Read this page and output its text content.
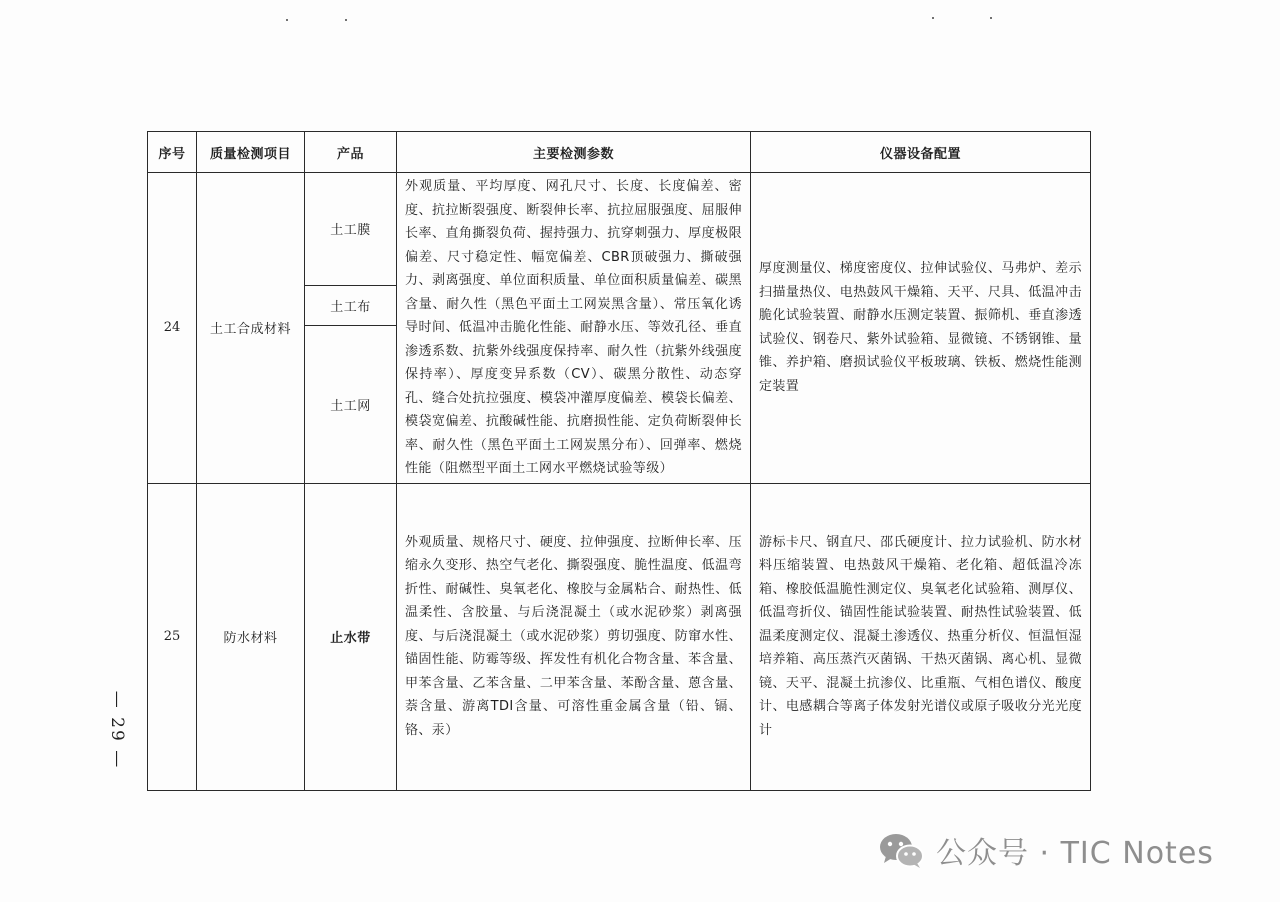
序号	质量检测项目	产品	主要检测参数	仪器设备配置
24	土工合成材料	土工膜	外观质量、平均厚度、网孔尺寸、长度、长度偏差、密度、抗拉断裂强度、断裂伸长率、抗拉屈服强度、屈服伸长率、直角撕裂负荷、握持强力、抗穿刺强力、厚度极限偏差、尺寸稳定性、幅宽偏差、CBR顶破强力、撕破强力、剥离强度、单位面积质量、单位面积质量偏差、碳黑含量、耐久性（黑色平面土工网炭黑含量）、常压氧化诱导时间、低温冲击脆化性能、耐静水压、等效孔径、垂直渗透系数、抗紫外线强度保持率、耐久性（抗紫外线强度保持率）、厚度变异系数（CV）、碳黑分散性、动态穿孔、缝合处抗拉强度、模袋冲灌厚度偏差、模袋长偏差、模袋宽偏差、抗酸碱性能、抗磨损性能、定负荷断裂伸长率、耐久性（黑色平面土工网炭黑分布）、回弹率、燃烧性能（阻燃型平面土工网水平燃烧试验等级）	厚度测量仪、梯度密度仪、拉伸试验仪、马弗炉、差示扫描量热仪、电热鼓风干燥箱、天平、尺具、低温冲击脆化试验装置、耐静水压测定装置、振筛机、垂直渗透试验仪、钢卷尺、紫外试验箱、显微镜、不锈钢锥、量锥、养护箱、磨损试验仪平板玻璃、铁板、燃烧性能测定装置
		土工布		
		土工网		
25	防水材料	止水带	外观质量、规格尺寸、硬度、拉伸强度、拉断伸长率、压缩永久变形、热空气老化、撕裂强度、脆性温度、低温弯折性、耐碱性、臭氧老化、橡胶与金属粘合、耐热性、低温柔性、含胶量、与后浇混凝土（或水泥砂浆）剥离强度、与后浇混凝土（或水泥砂浆）剪切强度、防窜水性、锚固性能、防霉等级、挥发性有机化合物含量、苯含量、甲苯含量、乙苯含量、二甲苯含量、苯酚含量、蒽含量、萘含量、游离TDI含量、可溶性重金属含量（铅、镉、铬、汞）	游标卡尺、钢直尺、邵氏硬度计、拉力试验机、防水材料压缩装置、电热鼓风干燥箱、老化箱、超低温冷冻箱、橡胶低温脆性测定仪、臭氧老化试验箱、测厚仪、低温弯折仪、锚固性能试验装置、耐热性试验装置、低温柔度测定仪、混凝土渗透仪、热重分析仪、恒温恒湿培养箱、高压蒸汽灭菌锅、干热灭菌锅、离心机、显微镜、天平、混凝土抗渗仪、比重瓶、气相色谱仪、酸度计、电感耦合等离子体发射光谱仪或原子吸收分光光度计
— 29 —
公众号 · TIC Notes
